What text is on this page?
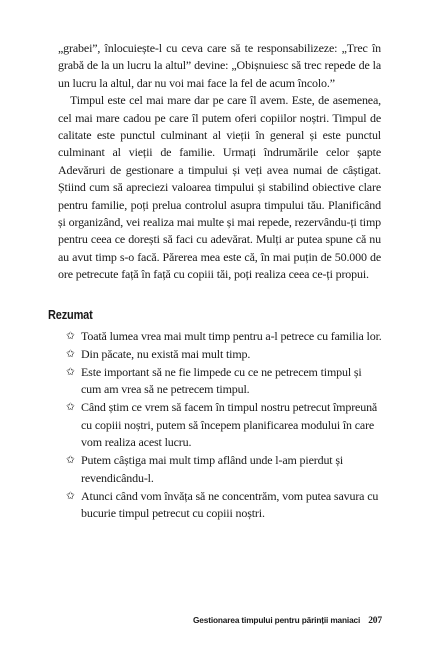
„grabei”, înlocuiește-l cu ceva care să te responsabilizeze: „Trec în grabă de la un lucru la altul” devine: „Obișnuiesc să trec repede de la un lucru la altul, dar nu voi mai face la fel de acum încolo.”

Timpul este cel mai mare dar pe care îl avem. Este, de asemenea, cel mai mare cadou pe care îl putem oferi copiilor noștri. Timpul de calitate este punctul culminant al vieții în general și este punctul culminant al vieții de familie. Urmați îndrumările celor șapte Adevăruri de gestionare a timpului și veți avea numai de câștigat. Știind cum să apreciezi valoarea timpului și stabilind obiective clare pentru familie, poți prelua controlul asupra timpului tău. Planificând și organizând, vei realiza mai multe și mai repede, rezervându-ți timp pentru ceea ce dorești să faci cu adevărat. Mulți ar putea spune că nu au avut timp s-o facă. Părerea mea este că, în mai puțin de 50.000 de ore petrecute față în față cu copiii tăi, poți realiza ceea ce-ți propui.

Rezumat
✩ Toată lumea vrea mai mult timp pentru a-l petrece cu familia lor.
✩ Din păcate, nu există mai mult timp.
✩ Este important să ne fie limpede cu ce ne petrecem timpul și cum am vrea să ne petrecem timpul.
✩ Când știm ce vrem să facem în timpul nostru petrecut împreună cu copiii noștri, putem să începem planificarea modului în care vom realiza acest lucru.
✩ Putem câștiga mai mult timp aflând unde l-am pierdut și revendicându-l.
✩ Atunci când vom învăța să ne concentrăm, vom putea savura cu bucurie timpul petrecut cu copiii noștri.
Gestionarea timpului pentru părinții maniaci 207
